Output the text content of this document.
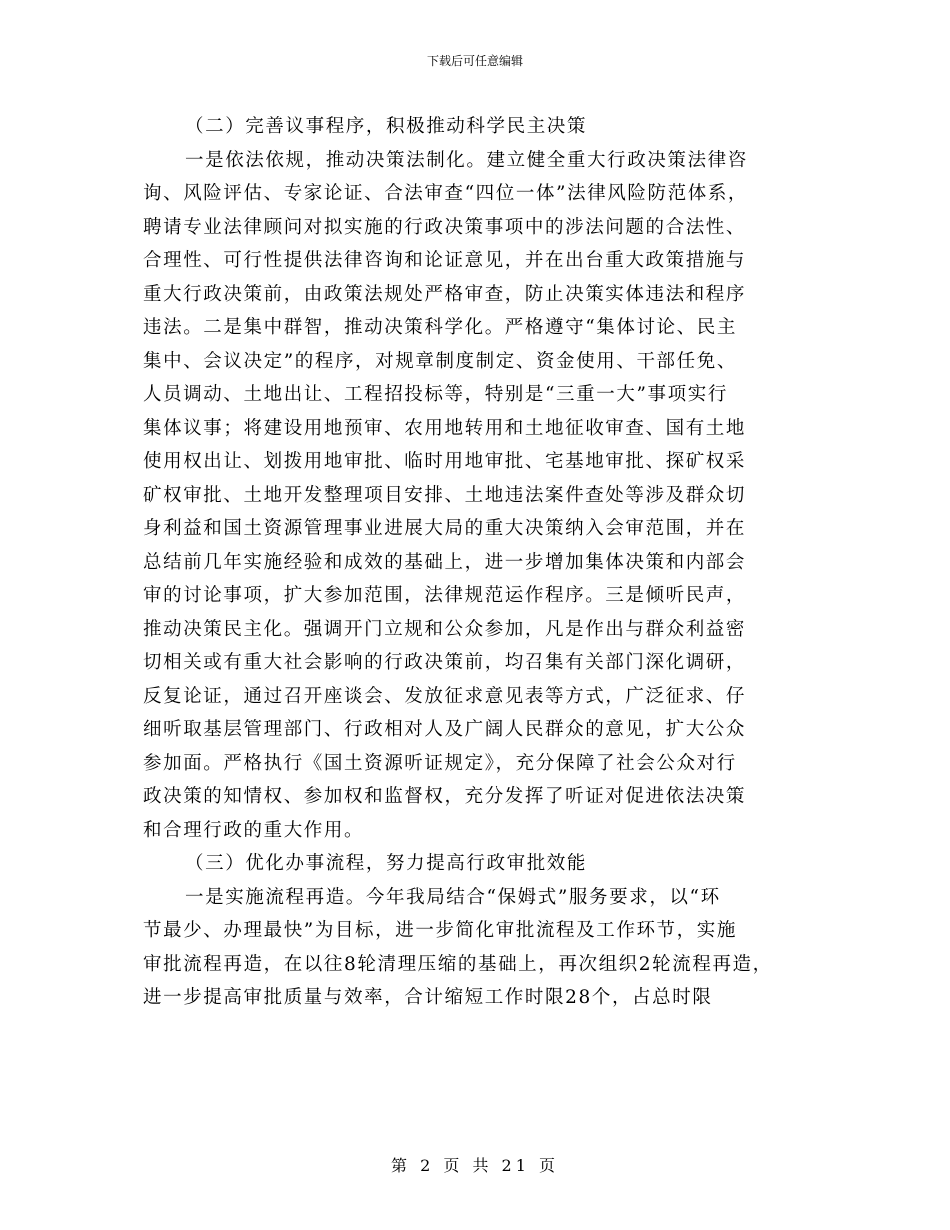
下载后可任意编辑
（二）完善议事程序，积极推动科学民主决策
一是依法依规，推动决策法制化。建立健全重大行政决策法律咨
询、风险评估、专家论证、合法审查“四位一体”法律风险防范体系，
聘请专业法律顾问对拟实施的行政决策事项中的涉法问题的合法性、
合理性、可行性提供法律咨询和论证意见，并在出台重大政策措施与
重大行政决策前，由政策法规处严格审查，防止决策实体违法和程序
违法。二是集中群智，推动决策科学化。严格遵守“集体讨论、民主
集中、会议决定”的程序，对规章制度制定、资金使用、干部任免、
人员调动、土地出让、工程招投标等，特别是“三重一大”事项实行
集体议事；将建设用地预审、农用地转用和土地征收审查、国有土地
使用权出让、划拨用地审批、临时用地审批、宅基地审批、探矿权采
矿权审批、土地开发整理项目安排、土地违法案件查处等涉及群众切
身利益和国土资源管理事业进展大局的重大决策纳入会审范围，并在
总结前几年实施经验和成效的基础上，进一步增加集体决策和内部会
审的讨论事项，扩大参加范围，法律规范运作程序。三是倾听民声，
推动决策民主化。强调开门立规和公众参加，凡是作出与群众利益密
切相关或有重大社会影响的行政决策前，均召集有关部门深化调研，
反复论证，通过召开座谈会、发放征求意见表等方式，广泛征求、仔
细听取基层管理部门、行政相对人及广阔人民群众的意见，扩大公众
参加面。严格执行《国土资源听证规定》，充分保障了社会公众对行
政决策的知情权、参加权和监督权，充分发挥了听证对促进依法决策
和合理行政的重大作用。
（三）优化办事流程，努力提高行政审批效能
一是实施流程再造。今年我局结合“保姆式”服务要求，以“环
节最少、办理最快”为目标，进一步简化审批流程及工作环节，实施
审批流程再造，在以往8轮清理压缩的基础上，再次组织2轮流程再造，
进一步提高审批质量与效率，合计缩短工作时限28个，占总时限
第 2 页 共 21 页
